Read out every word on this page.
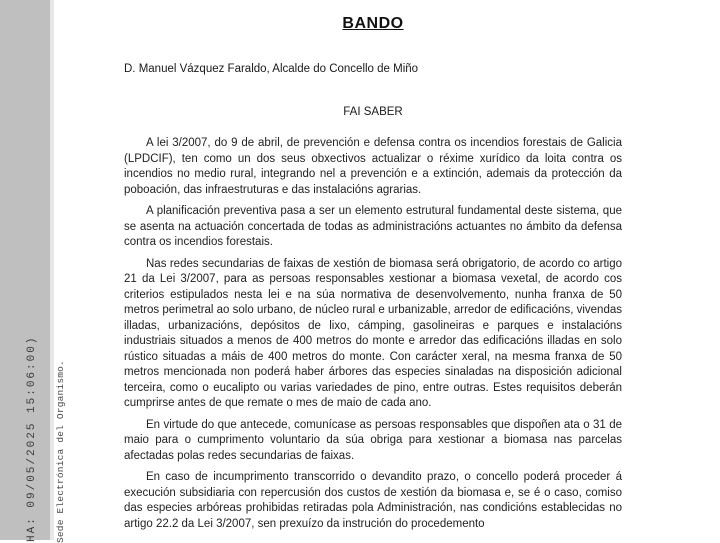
HA: 09/05/2025 15:06:00) Sede Electrónica del Organismo.
BANDO

D. Manuel Vázquez Faraldo, Alcalde do Concello de Miño

FAI SABER

A lei 3/2007, do 9 de abril, de prevención e defensa contra os incendios forestais de Galicia (LPDCIF), ten como un dos seus obxectivos actualizar o réxime xurídico da loita contra os incendios no medio rural, integrando nel a prevención e a extinción, ademais da protección da poboación, das infraestruturas e das instalacións agrarias.

A planificación preventiva pasa a ser un elemento estrutural fundamental deste sistema, que se asenta na actuación concertada de todas as administracións actuantes no ámbito da defensa contra os incendios forestais.

Nas redes secundarias de faixas de xestión de biomasa será obrigatorio, de acordo co artigo 21 da Lei 3/2007, para as persoas responsables xestionar a biomasa vexetal, de acordo cos criterios estipulados nesta lei e na súa normativa de desenvolvemento, nunha franxa de 50 metros perimetral ao solo urbano, de núcleo rural e urbanizable, arredor de edificacións, vivendas illadas, urbanizacións, depósitos de lixo, cámping, gasolineiras e parques e instalacións industriais situados a menos de 400 metros do monte e arredor das edificacións illadas en solo rústico situadas a máis de 400 metros do monte. Con carácter xeral, na mesma franxa de 50 metros mencionada non poderá haber árbores das especies sinaladas na disposición adicional terceira, como o eucalipto ou varias variedades de pino, entre outras. Estes requisitos deberán cumprirse antes de que remate o mes de maio de cada ano.

En virtude do que antecede, comunícase as persoas responsables que dispoñen ata o 31 de maio para o cumprimento voluntario da súa obriga para xestionar a biomasa nas parcelas afectadas polas redes secundarias de faixas.

En caso de incumprimento transcorrido o devandito prazo, o concello poderá proceder á execución subsidiaria con repercusión dos custos de xestión da biomasa e, se é o caso, comiso das especies arbóreas prohibidas retiradas pola Administración, nas condicións establecidas no artigo 22.2 da Lei 3/2007, sen prexuízo da instrución do procedemento
